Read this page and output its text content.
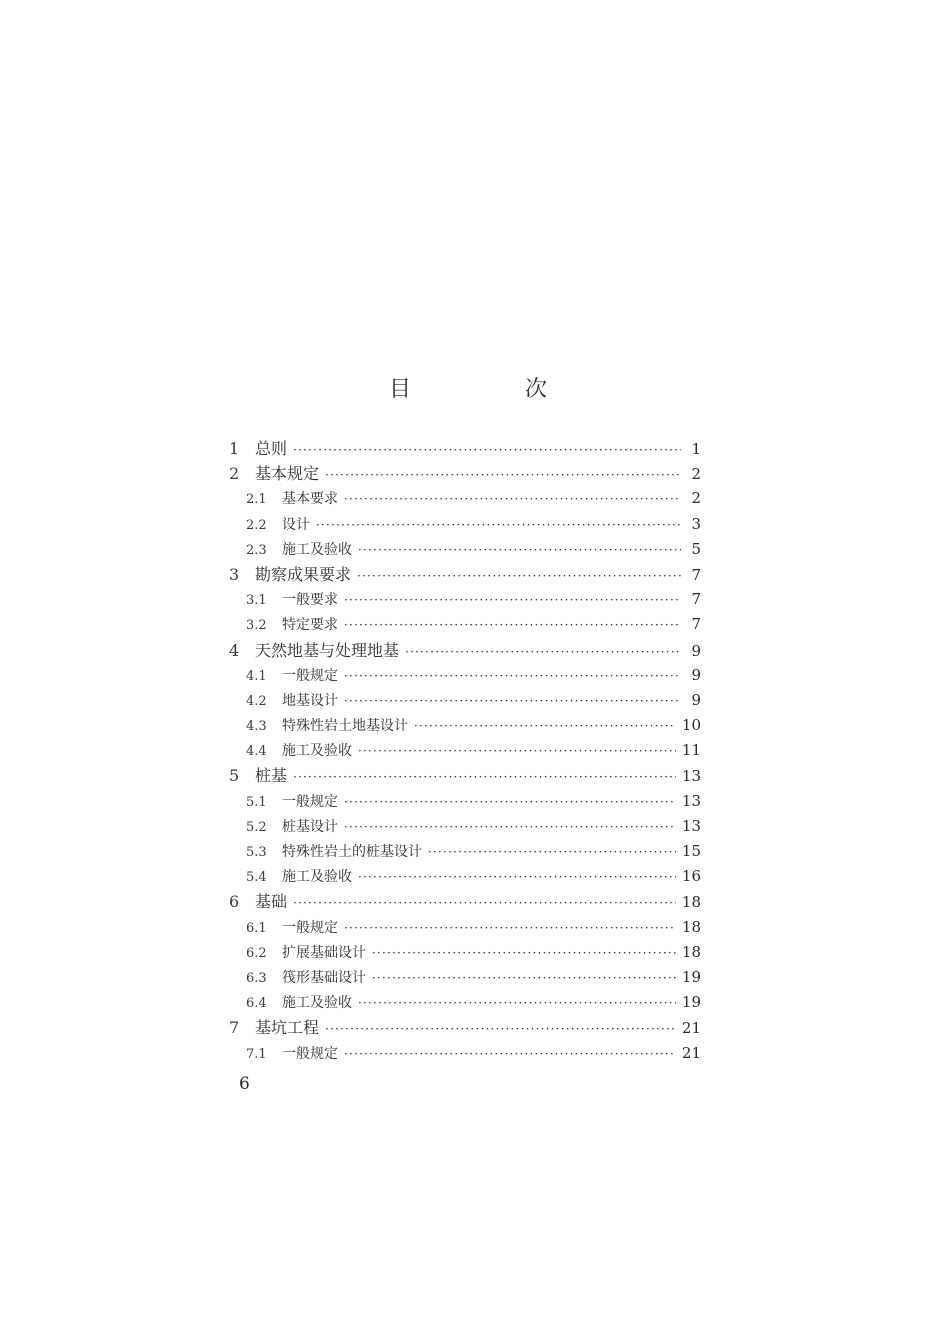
目　次
1 总则 ·····	1
2 基本规定 ·····	2
2.1	基本要求 ·····	2
2.2	设计 ·····	3
2.3	施工及验收 ·····	5
3 勘察成果要求 ·····	7
3.1	一般要求 ·····	7
3.2	特定要求 ·····	7
4 天然地基与处理地基 ·····	9
4.1	一般规定 ·····	9
4.2	地基设计 ·····	9
4.3	特殊性岩土地基设计 ·····	10
4.4	施工及验收 ·····	11
5 桩基 ·····	13
5.1	一般规定 ·····	13
5.2	桩基设计 ·····	13
5.3	特殊性岩土的桩基设计 ·····	15
5.4	施工及验收 ·····	16
6 基础 ·····	18
6.1	一般规定 ·····	18
6.2	扩展基础设计 ·····	18
6.3	筏形基础设计 ·····	19
6.4	施工及验收 ·····	19
7 基坑工程 ·····	21
7.1	一般规定 ·····	21
6
